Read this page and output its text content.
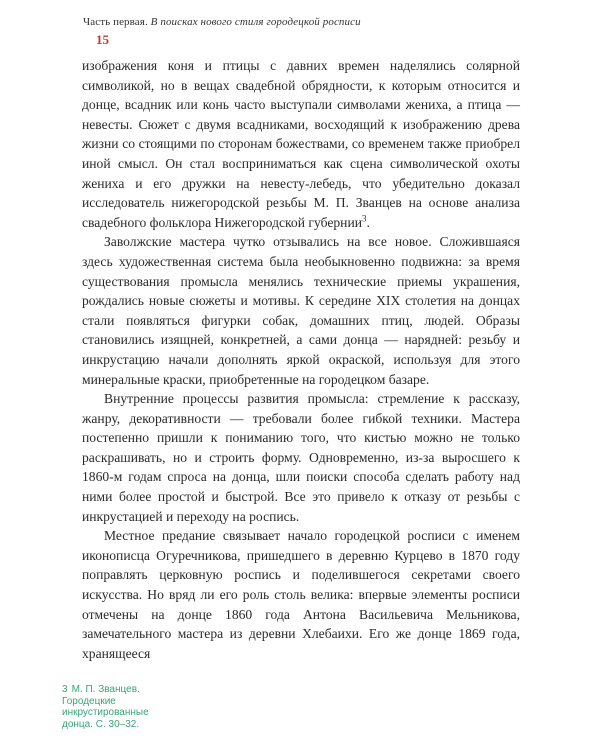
Часть первая. В поисках нового стиля городецкой росписи
15

изображения коня и птицы с давних времен наделялись солярной символикой, но в вещах свадебной обрядности, к которым относится и донце, всадник или конь часто выступали символами жениха, а птица — невесты. Сюжет с двумя всадниками, восходящий к изображению древа жизни со стоящими по сторонам божествами, со временем также приобрел иной смысл. Он стал восприниматься как сцена символической охоты жениха и его дружки на невесту-лебедь, что убедительно доказал исследователь нижегородской резьбы М. П. Званцев на основе анализа свадебного фольклора Нижегородской губернии$^3$.

Заволжские мастера чутко отзывались на все новое. Сложившаяся здесь художественная система была необыкновенно подвижна: за время существования промысла менялись технические приемы украшения, рождались новые сюжеты и мотивы. К середине XIX столетия на донцах стали появляться фигурки собак, домашних птиц, людей. Образы становились изящней, конкретней, а сами донца — нарядней: резьбу и инкрустацию начали дополнять яркой окраской, используя для этого минеральные краски, приобретенные на городецком базаре.

Внутренние процессы развития промысла: стремление к рассказу, жанру, декоративности — требовали более гибкой техники. Мастера постепенно пришли к пониманию того, что кистью можно не только раскрашивать, но и строить форму. Одновременно, из-за выросшего к 1860-м годам спроса на донца, шли поиски способа сделать работу над ними более простой и быстрой. Все это привело к отказу от резьбы с инкрустацией и переходу на роспись.

Местное предание связывает начало городецкой росписи с именем иконописца Огуречникова, пришедшего в деревню Курцево в 1870 году поправлять церковную роспись и поделившегося секретами своего искусства. Но вряд ли его роль столь велика: впервые элементы росписи отмечены на донце 1860 года Антона Васильевича Мельникова, замечательного мастера из деревни Хлебаихи. Его же донце 1869 года, хранящееся

3 М. П. Званцев. Городецкие инкрустированные донца. С. 30–32.
